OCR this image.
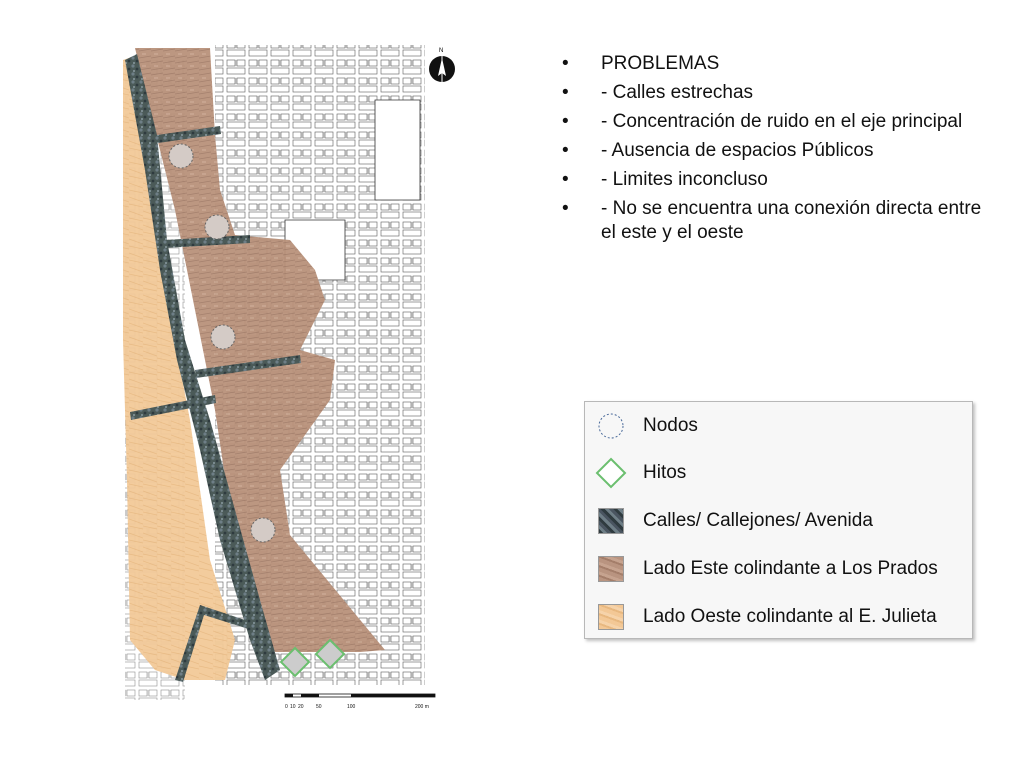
N
0 10 20 50	100	200 m
• PROBLEMAS
• - Calles estrechas
• - Concentración de ruido en el eje principal
• - Ausencia de espacios Públicos
• - Limites inconcluso
• - No se encuentra una conexión directa entre el este y el oeste
Nodos
Hitos
Calles/ Callejones/ Avenida
Lado Este colindante a Los Prados
Lado Oeste colindante al E. Julieta
